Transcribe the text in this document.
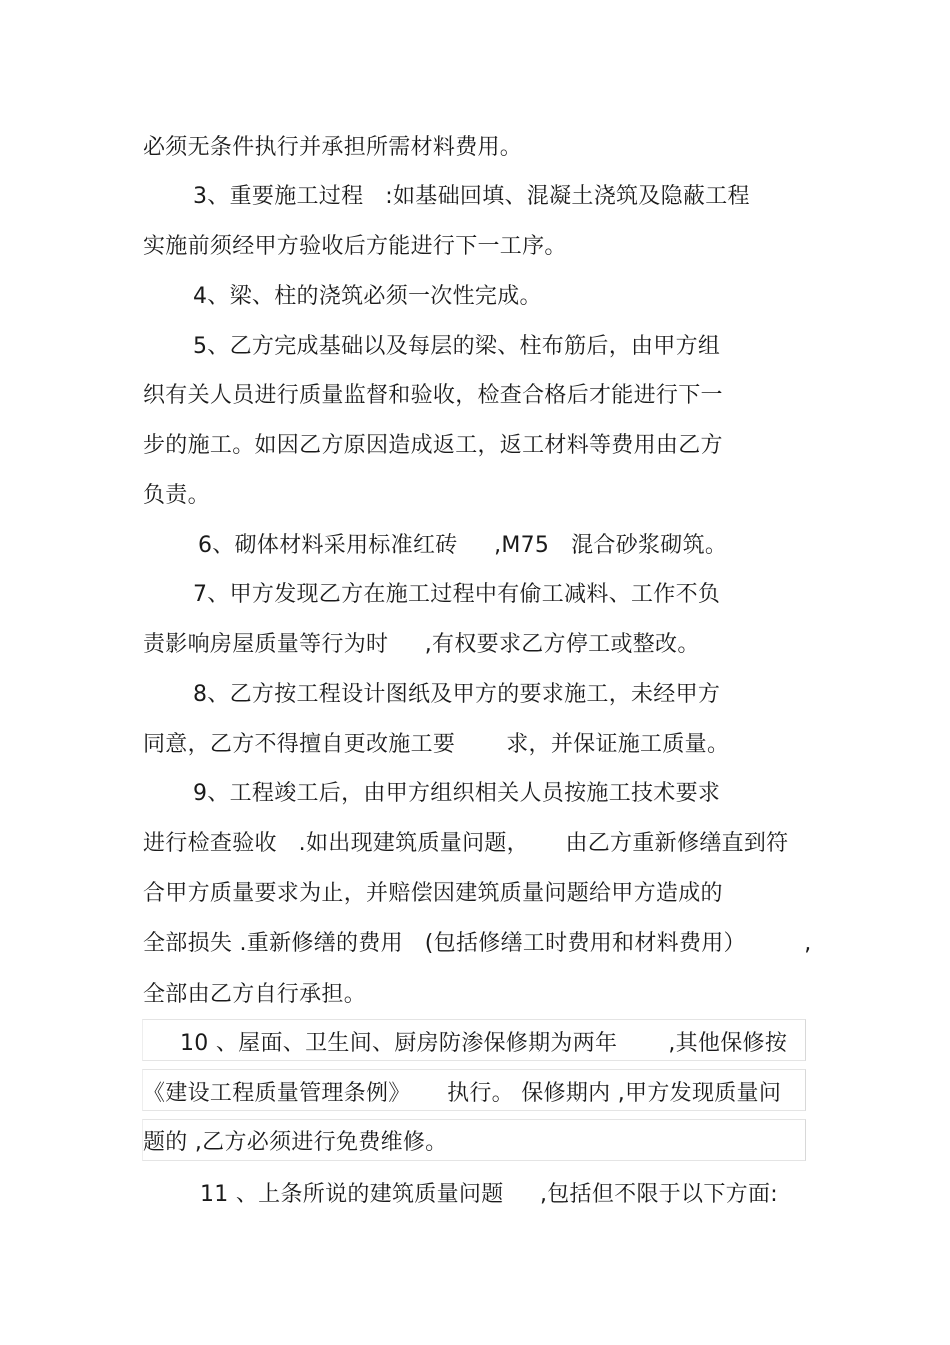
必须无条件执行并承担所需材料费用。
3、重要施工过程   :如基础回填、混凝土浇筑及隐蔽工程
实施前须经甲方验收后方能进行下一工序。
4、梁、柱的浇筑必须一次性完成。
5、乙方完成基础以及每层的梁、柱布筋后，由甲方组
织有关人员进行质量监督和验收，检查合格后才能进行下一
步的施工。如因乙方原因造成返工，返工材料等费用由乙方
负责。
6、砌体材料采用标准红砖     ,M75   混合砂浆砌筑。
7、甲方发现乙方在施工过程中有偷工减料、工作不负
责影响房屋质量等行为时     ,有权要求乙方停工或整改。
8、乙方按工程设计图纸及甲方的要求施工，未经甲方
同意，乙方不得擅自更改施工要       求，并保证施工质量。
9、工程竣工后，由甲方组织相关人员按施工技术要求
进行检查验收   .如出现建筑质量问题，     由乙方重新修缮直到符
合甲方质量要求为止，并赔偿因建筑质量问题给甲方造成的
全部损失 .重新修缮的费用   (包括修缮工时费用和材料费用）        ,
全部由乙方自行承担。
10 、屋面、卫生间、厨房防渗保修期为两年       ,其他保修按
《建设工程质量管理条例》     执行。 保修期内 ,甲方发现质量问
题的 ,乙方必须进行免费维修。
11 、上条所说的建筑质量问题     ,包括但不限于以下方面:
